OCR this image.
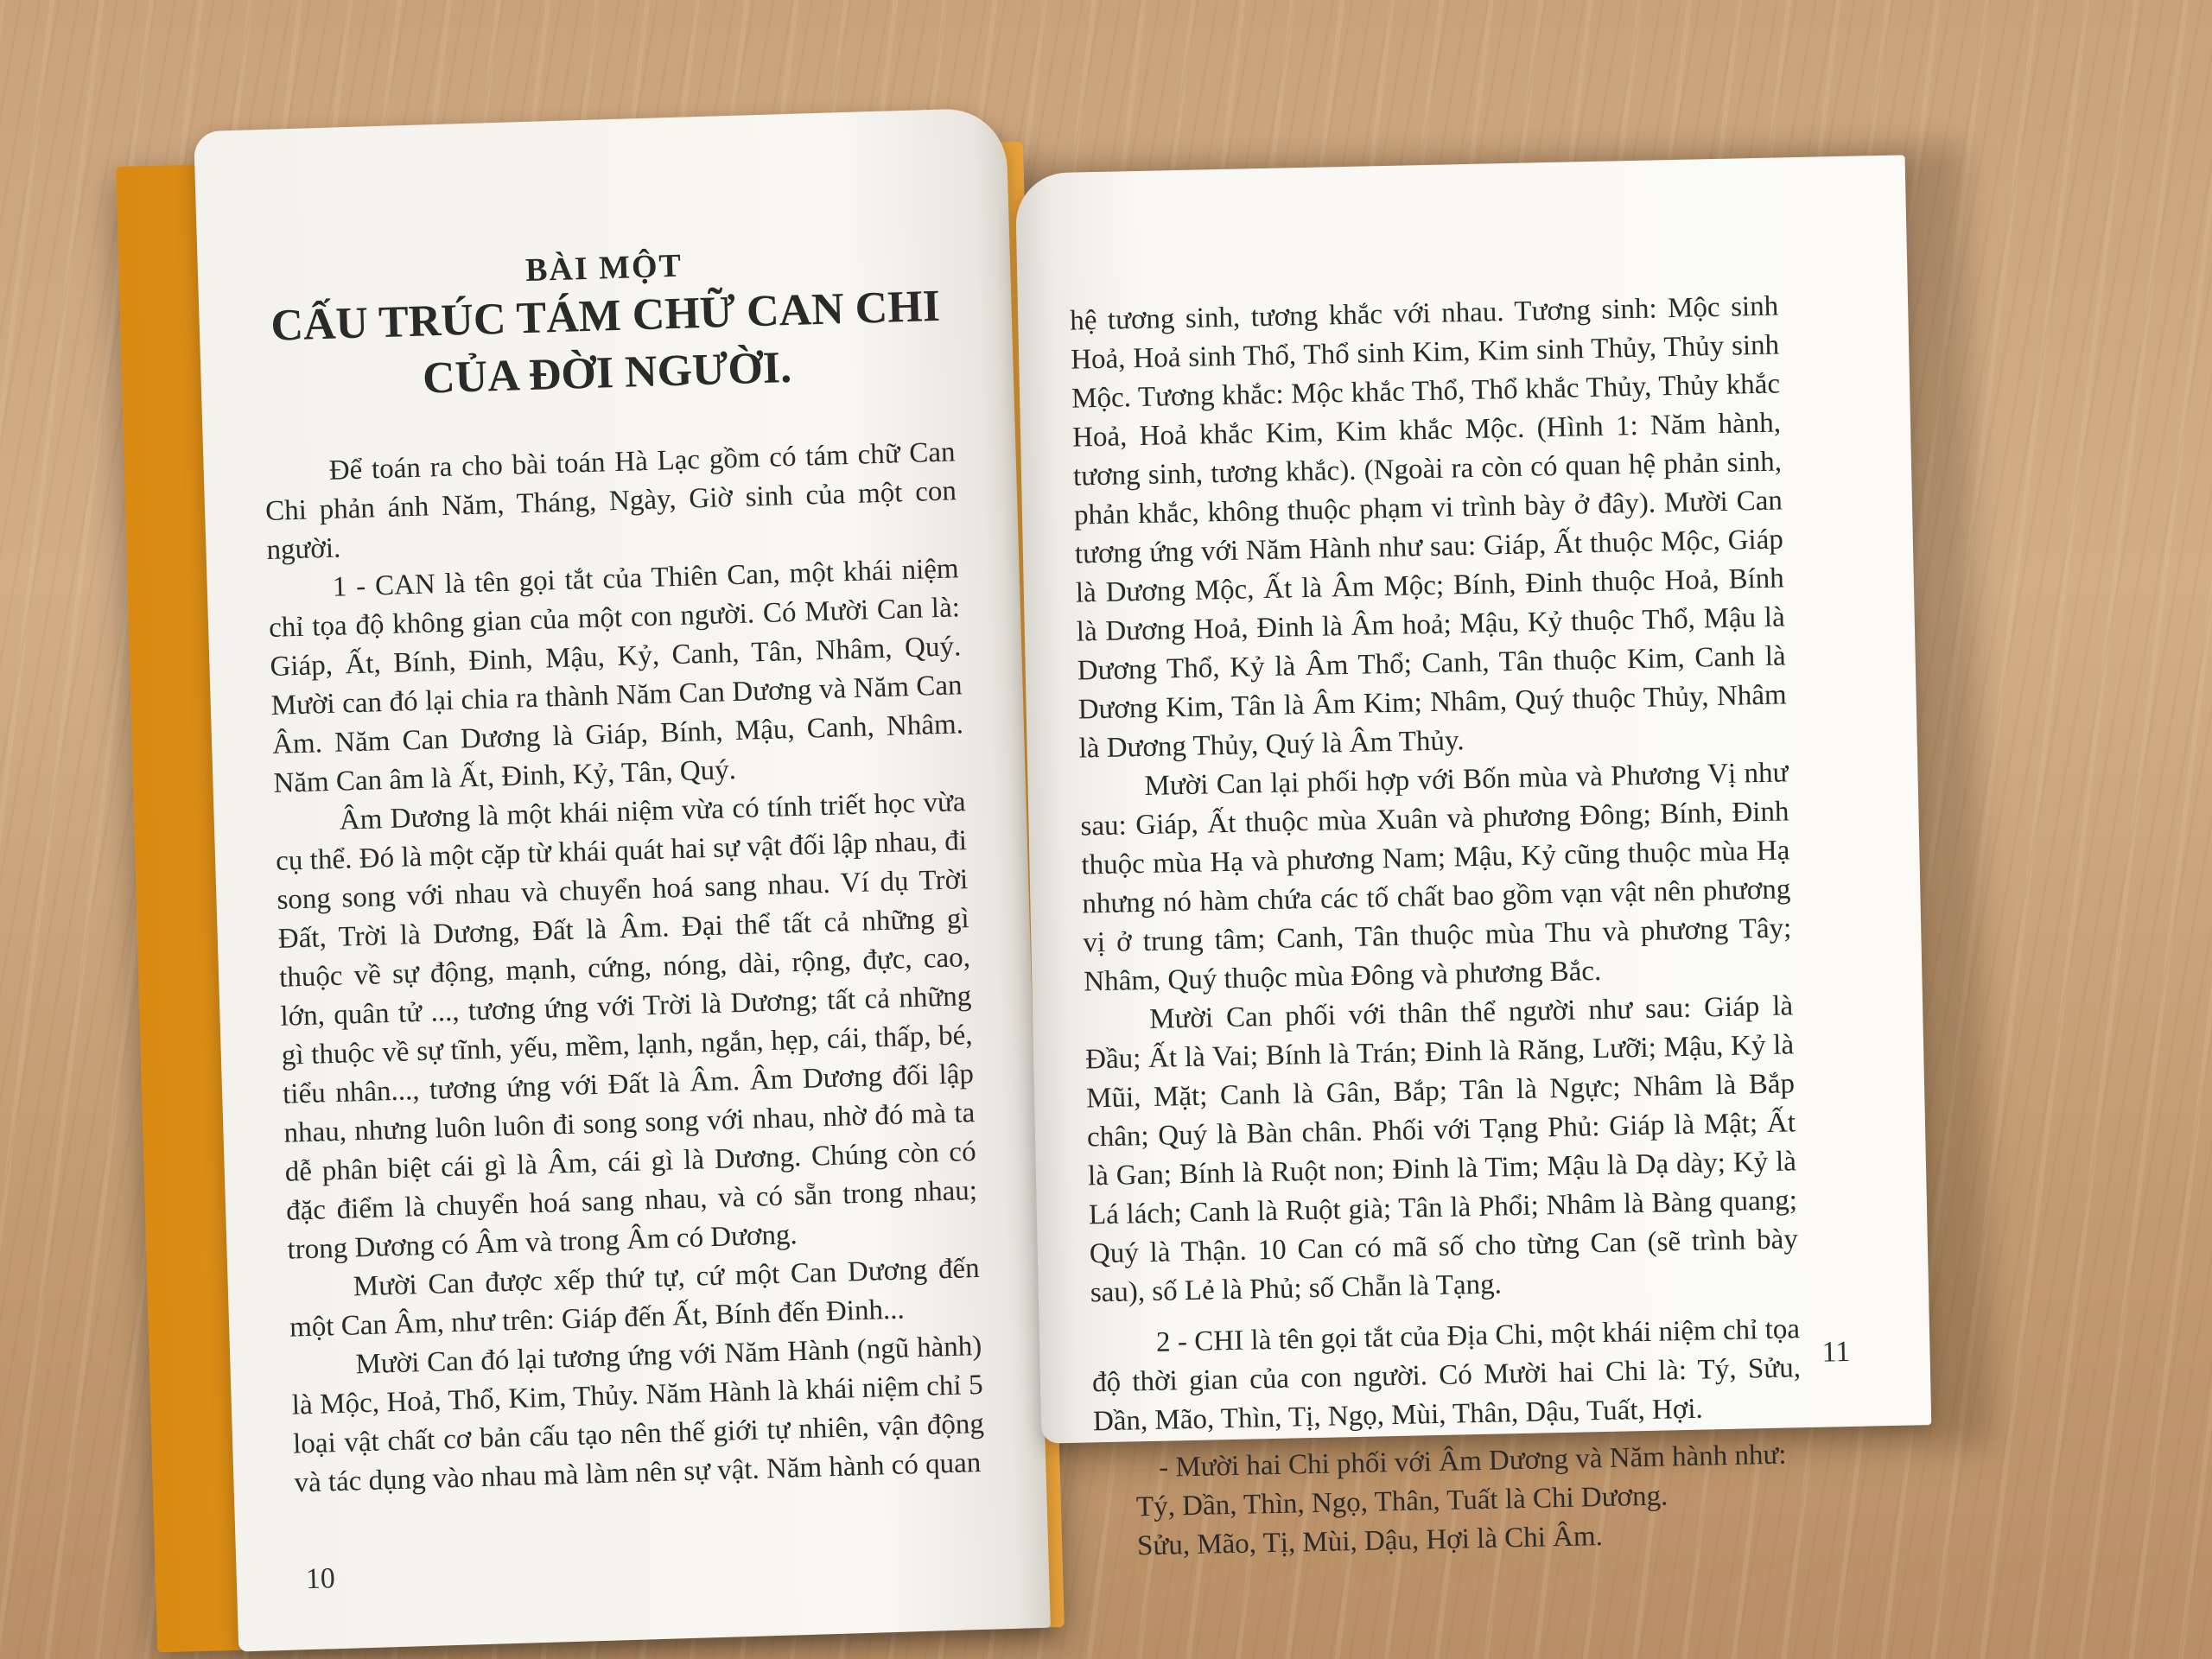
BÀI MỘT

CẤU TRÚC TÁM CHỮ CAN CHI

CỦA ĐỜI NGƯỜI.

Để toán ra cho bài toán Hà Lạc gồm có tám chữ Can Chi phản ánh Năm, Tháng, Ngày, Giờ sinh của một con người.

1 - CAN là tên gọi tắt của Thiên Can, một khái niệm chỉ tọa độ không gian của một con người. Có Mười Can là: Giáp, Ất, Bính, Đinh, Mậu, Kỷ, Canh, Tân, Nhâm, Quý. Mười can đó lại chia ra thành Năm Can Dương và Năm Can Âm. Năm Can Dương là Giáp, Bính, Mậu, Canh, Nhâm. Năm Can âm là Ất, Đinh, Kỷ, Tân, Quý.

Âm Dương là một khái niệm vừa có tính triết học vừa cụ thể. Đó là một cặp từ khái quát hai sự vật đối lập nhau, đi song song với nhau và chuyển hoá sang nhau. Ví dụ Trời Đất, Trời là Dương, Đất là Âm. Đại thể tất cả những gì thuộc về sự động, mạnh, cứng, nóng, dài, rộng, đực, cao, lớn, quân tử ..., tương ứng với Trời là Dương; tất cả những gì thuộc về sự tĩnh, yếu, mềm, lạnh, ngắn, hẹp, cái, thấp, bé, tiểu nhân..., tương ứng với Đất là Âm. Âm Dương đối lập nhau, nhưng luôn luôn đi song song với nhau, nhờ đó mà ta dễ phân biệt cái gì là Âm, cái gì là Dương. Chúng còn có đặc điểm là chuyển hoá sang nhau, và có sẵn trong nhau; trong Dương có Âm và trong Âm có Dương.

Mười Can được xếp thứ tự, cứ một Can Dương đến một Can Âm, như trên: Giáp đến Ất, Bính đến Đinh...

Mười Can đó lại tương ứng với Năm Hành (ngũ hành) là Mộc, Hoả, Thổ, Kim, Thủy. Năm Hành là khái niệm chỉ 5 loại vật chất cơ bản cấu tạo nên thế giới tự nhiên, vận động và tác dụng vào nhau mà làm nên sự vật. Năm hành có quan

10

hệ tương sinh, tương khắc với nhau. Tương sinh: Mộc sinh Hoả, Hoả sinh Thổ, Thổ sinh Kim, Kim sinh Thủy, Thủy sinh Mộc. Tương khắc: Mộc khắc Thổ, Thổ khắc Thủy, Thủy khắc Hoả, Hoả khắc Kim, Kim khắc Mộc. (Hình 1: Năm hành, tương sinh, tương khắc). (Ngoài ra còn có quan hệ phản sinh, phản khắc, không thuộc phạm vi trình bày ở đây). Mười Can tương ứng với Năm Hành như sau: Giáp, Ất thuộc Mộc, Giáp là Dương Mộc, Ất là Âm Mộc; Bính, Đinh thuộc Hoả, Bính là Dương Hoả, Đinh là Âm hoả; Mậu, Kỷ thuộc Thổ, Mậu là Dương Thổ, Kỷ là Âm Thổ; Canh, Tân thuộc Kim, Canh là Dương Kim, Tân là Âm Kim; Nhâm, Quý thuộc Thủy, Nhâm là Dương Thủy, Quý là Âm Thủy.

Mười Can lại phối hợp với Bốn mùa và Phương Vị như sau: Giáp, Ất thuộc mùa Xuân và phương Đông; Bính, Đinh thuộc mùa Hạ và phương Nam; Mậu, Kỷ cũng thuộc mùa Hạ nhưng nó hàm chứa các tố chất bao gồm vạn vật nên phương vị ở trung tâm; Canh, Tân thuộc mùa Thu và phương Tây; Nhâm, Quý thuộc mùa Đông và phương Bắc.

Mười Can phối với thân thể người như sau: Giáp là Đầu; Ất là Vai; Bính là Trán; Đinh là Răng, Lưỡi; Mậu, Kỷ là Mũi, Mặt; Canh là Gân, Bắp; Tân là Ngực; Nhâm là Bắp chân; Quý là Bàn chân. Phối với Tạng Phủ: Giáp là Mật; Ất là Gan; Bính là Ruột non; Đinh là Tim; Mậu là Dạ dày; Kỷ là Lá lách; Canh là Ruột già; Tân là Phổi; Nhâm là Bàng quang; Quý là Thận. 10 Can có mã số cho từng Can (sẽ trình bày sau), số Lẻ là Phủ; số Chẵn là Tạng.

2 - CHI là tên gọi tắt của Địa Chi, một khái niệm chỉ tọa độ thời gian của con người. Có Mười hai Chi là: Tý, Sửu, Dần, Mão, Thìn, Tị, Ngọ, Mùi, Thân, Dậu, Tuất, Hợi.

- Mười hai Chi phối với Âm Dương và Năm hành như:

Tý, Dần, Thìn, Ngọ, Thân, Tuất là Chi Dương.

Sửu, Mão, Tị, Mùi, Dậu, Hợi là Chi Âm.

11
